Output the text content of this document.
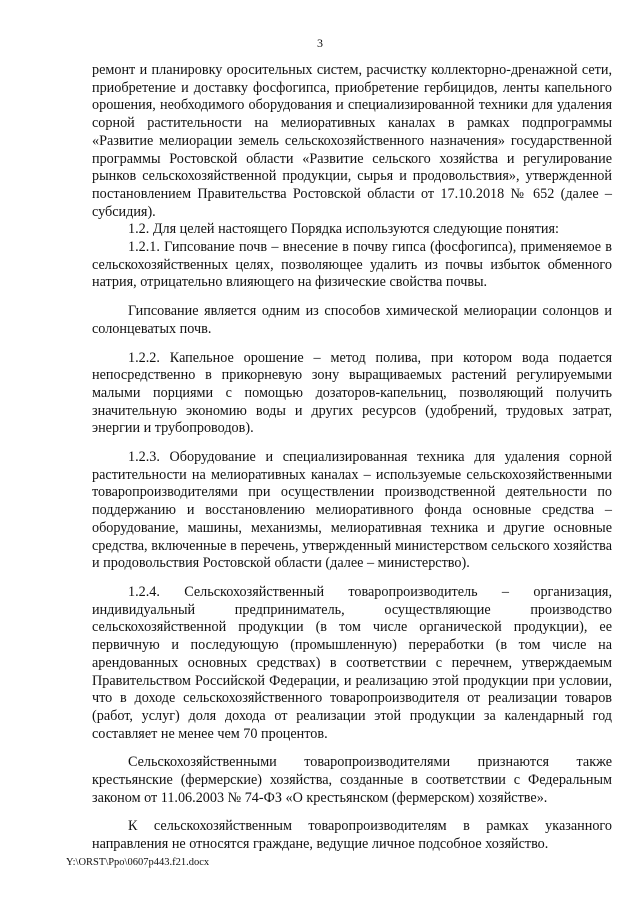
3

ремонт и планировку оросительных систем, расчистку коллекторно-дренажной сети, приобретение и доставку фосфогипса, приобретение гербицидов, ленты капельного орошения, необходимого оборудования и специализированной техники для удаления сорной растительности на мелиоративных каналах в рамках подпрограммы «Развитие мелиорации земель сельскохозяйственного назначения» государственной программы Ростовской области «Развитие сельского хозяйства и регулирование рынков сельскохозяйственной продукции, сырья и продовольствия», утвержденной постановлением Правительства Ростовской области от 17.10.2018 № 652 (далее – субсидия).

1.2. Для целей настоящего Порядка используются следующие понятия:

1.2.1. Гипсование почв – внесение в почву гипса (фосфогипса), применяемое в сельскохозяйственных целях, позволяющее удалить из почвы избыток обменного натрия, отрицательно влияющего на физические свойства почвы.

Гипсование является одним из способов химической мелиорации солонцов и солонцеватых почв.

1.2.2. Капельное орошение – метод полива, при котором вода подается непосредственно в прикорневую зону выращиваемых растений регулируемыми малыми порциями с помощью дозаторов-капельниц, позволяющий получить значительную экономию воды и других ресурсов (удобрений, трудовых затрат, энергии и трубопроводов).

1.2.3. Оборудование и специализированная техника для удаления сорной растительности на мелиоративных каналах – используемые сельскохозяйственными товаропроизводителями при осуществлении производственной деятельности по поддержанию и восстановлению мелиоративного фонда основные средства – оборудование, машины, механизмы, мелиоративная техника и другие основные средства, включенные в перечень, утвержденный министерством сельского хозяйства и продовольствия Ростовской области (далее – министерство).

1.2.4. Сельскохозяйственный товаропроизводитель – организация, индивидуальный предприниматель, осуществляющие производство сельскохозяйственной продукции (в том числе органической продукции), ее первичную и последующую (промышленную) переработки (в том числе на арендованных основных средствах) в соответствии с перечнем, утверждаемым Правительством Российской Федерации, и реализацию этой продукции при условии, что в доходе сельскохозяйственного товаропроизводителя от реализации товаров (работ, услуг) доля дохода от реализации этой продукции за календарный год составляет не менее чем 70 процентов.

Сельскохозяйственными товаропроизводителями признаются также крестьянские (фермерские) хозяйства, созданные в соответствии с Федеральным законом от 11.06.2003 № 74-ФЗ «О крестьянском (фермерском) хозяйстве».

К сельскохозяйственным товаропроизводителям в рамках указанного направления не относятся граждане, ведущие личное подсобное хозяйство.

Y:\ORST\Ppo\0607p443.f21.docx
